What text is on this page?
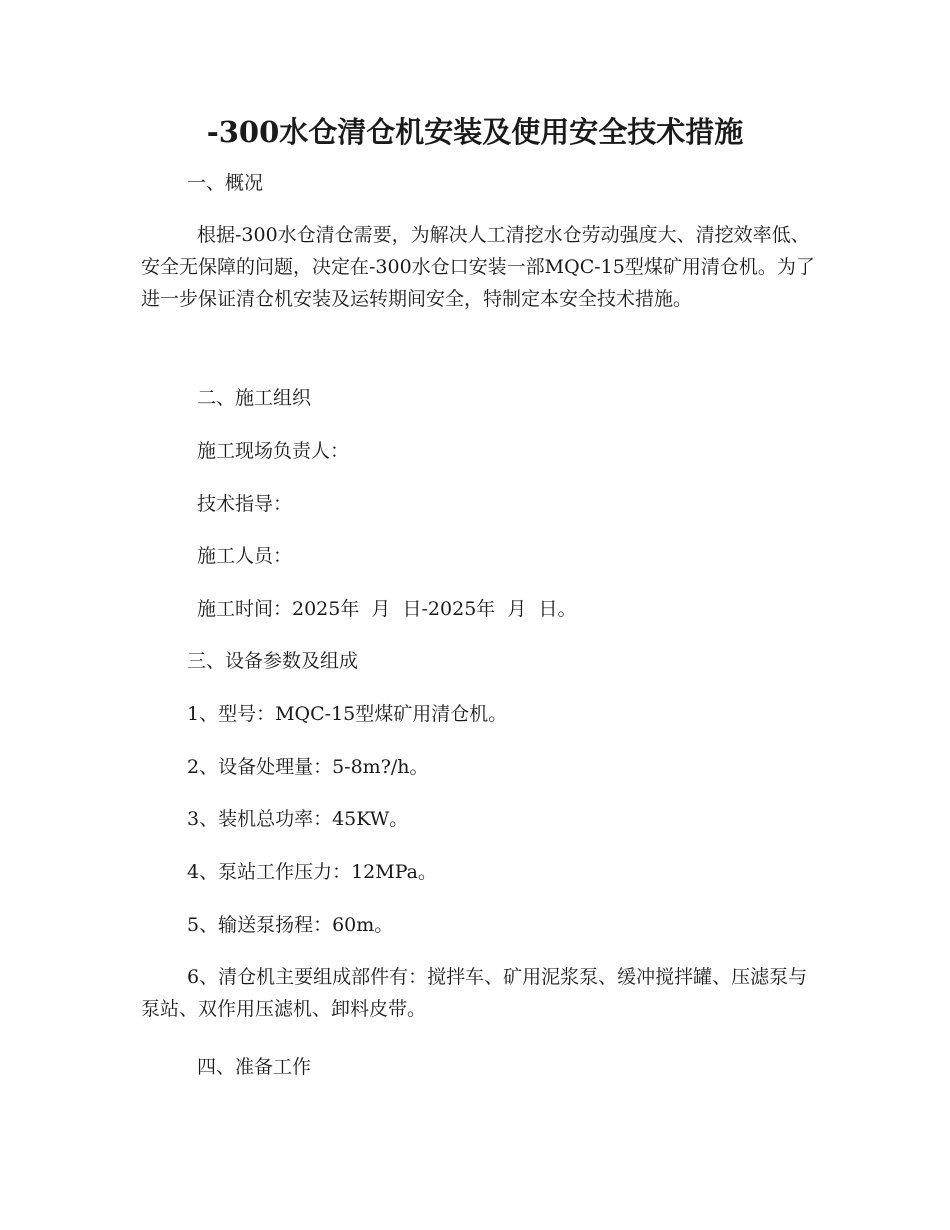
-300水仓清仓机安装及使用安全技术措施

一、概况

根据-300水仓清仓需要，为解决人工清挖水仓劳动强度大、清挖效率低、安全无保障的问题，决定在-300水仓口安装一部MQC-15型煤矿用清仓机。为了进一步保证清仓机安装及运转期间安全，特制定本安全技术措施。

二、施工组织

施工现场负责人：

技术指导：

施工人员：

施工时间：2025年  月  日-2025年  月  日。

三、设备参数及组成

1、型号：MQC-15型煤矿用清仓机。

2、设备处理量：5-8m?/h。

3、装机总功率：45KW。

4、泵站工作压力：12MPa。

5、输送泵扬程：60m。

6、清仓机主要组成部件有：搅拌车、矿用泥浆泵、缓冲搅拌罐、压滤泵与泵站、双作用压滤机、卸料皮带。

四、准备工作
